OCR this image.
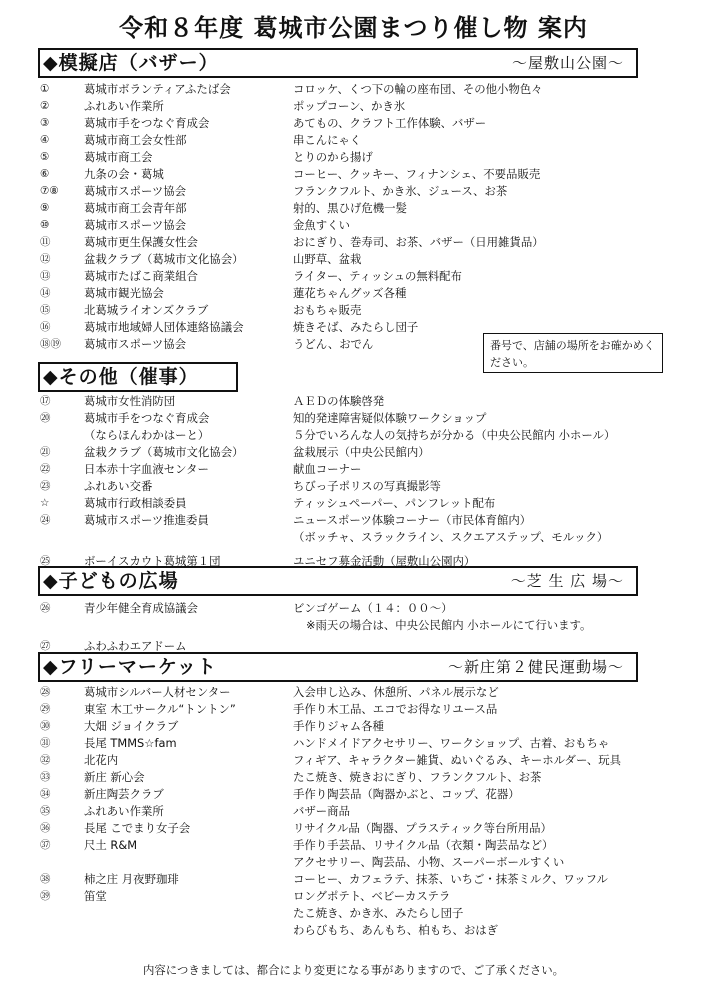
令和８年度 葛城市公園まつり催し物 案内
◆模擬店（バザー）	～屋敷山公園～
◆その他（催事）
◆子どもの広場	～芝 生 広 場～
◆フリーマーケット	～新庄第２健民運動場～
番号で、店舗の場所をお確かめください。
①	葛城市ボランティアふたば会	コロッケ、くつ下の輪の座布団、その他小物色々
②	ふれあい作業所	ポップコーン、かき氷
③	葛城市手をつなぐ育成会	あてもの、クラフト工作体験、バザー
④	葛城市商工会女性部	串こんにゃく
⑤	葛城市商工会	とりのから揚げ
⑥	九条の会・葛城	コーヒー、クッキー、フィナンシェ、不要品販売
⑦⑧	葛城市スポーツ協会	フランクフルト、かき氷、ジュース、お茶
⑨	葛城市商工会青年部	射的、黒ひげ危機一髪
⑩	葛城市スポーツ協会	金魚すくい
⑪	葛城市更生保護女性会	おにぎり、巻寿司、お茶、バザー（日用雑貨品）
⑫	盆栽クラブ（葛城市文化協会）	山野草、盆栽
⑬	葛城市たばこ商業組合	ライター、ティッシュの無料配布
⑭	葛城市観光協会	蓮花ちゃんグッズ各種
⑮	北葛城ライオンズクラブ	おもちゃ販売
⑯	葛城市地域婦人団体連絡協議会	焼きそば、みたらし団子
⑱⑲	葛城市スポーツ協会	うどん、おでん
⑰	葛城市女性消防団	ＡＥＤの体験啓発
⑳	葛城市手をつなぐ育成会	知的発達障害疑似体験ワークショップ
（ならほんわかはーと）	５分でいろんな人の気持ちが分かる（中央公民館内 小ホール）
㉑	盆栽クラブ（葛城市文化協会）	盆栽展示（中央公民館内）
㉒	日本赤十字血液センター	献血コーナー
㉓	ふれあい交番	ちびっ子ポリスの写真撮影等
☆	葛城市行政相談委員	ティッシュペーパー、パンフレット配布
㉔	葛城市スポーツ推進委員	ニュースポーツ体験コーナー（市民体育館内）
（ボッチャ、スラックライン、スクエアステップ、モルック）
㉕	ボーイスカウト葛城第１団	ユニセフ募金活動（屋敷山公園内）
㉖	青少年健全育成協議会	ビンゴゲーム（１４：００～）
※雨天の場合は、中央公民館内 小ホールにて行います。
㉗	ふわふわエアドーム
㉘	葛城市シルバー人材センター	入会申し込み、休憩所、パネル展示など
㉙	東室 木工サークル“トントン”	手作り木工品、エコでお得なリユース品
㉚	大畑 ジョイクラブ	手作りジャム各種
㉛	長尾 TMMS☆fam	ハンドメイドアクセサリー、ワークショップ、古着、おもちゃ
㉜	北花内	フィギア、キャラクター雑貨、ぬいぐるみ、キーホルダー、玩具
㉝	新庄 新心会	たこ焼き、焼きおにぎり、フランクフルト、お茶
㉞	新庄陶芸クラブ	手作り陶芸品（陶器かぶと、コップ、花器）
㉟	ふれあい作業所	バザー商品
㊱	長尾 こでまり女子会	リサイクル品（陶器、プラスティック等台所用品）
㊲	尺土 R&M	手作り手芸品、リサイクル品（衣類・陶芸品など）
アクセサリー、陶芸品、小物、スーパーボールすくい
㊳	柿之庄 月夜野珈琲	コーヒー、カフェラテ、抹茶、いちご・抹茶ミルク、ワッフル
㊴	笛堂	ロングポテト、ベビーカステラ
たこ焼き、かき氷、みたらし団子
わらびもち、あんもち、柏もち、おはぎ
内容につきましては、都合により変更になる事がありますので、ご了承ください。
